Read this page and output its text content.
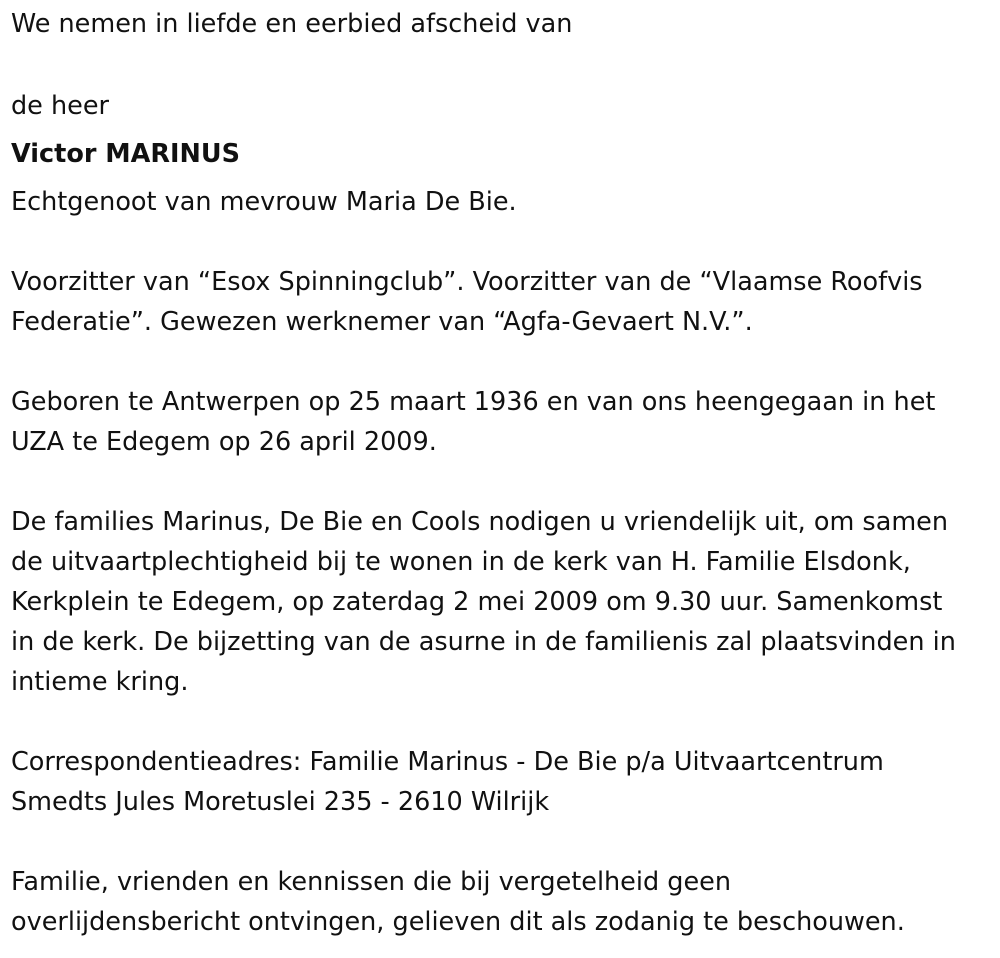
We nemen in liefde en eerbied afscheid van

de heer

Victor MARINUS

Echtgenoot van mevrouw Maria De Bie.

Voorzitter van “Esox Spinningclub”. Voorzitter van de “Vlaamse Roofvis
Federatie”. Gewezen werknemer van “Agfa-Gevaert N.V.”.

Geboren te Antwerpen op 25 maart 1936 en van ons heengegaan in het
UZA te Edegem op 26 april 2009.

De families Marinus, De Bie en Cools nodigen u vriendelijk uit, om samen
de uitvaartplechtigheid bij te wonen in de kerk van H. Familie Elsdonk,
Kerkplein te Edegem, op zaterdag 2 mei 2009 om 9.30 uur. Samenkomst
in de kerk. De bijzetting van de asurne in de familienis zal plaatsvinden in
intieme kring.

Correspondentieadres: Familie Marinus - De Bie p/a Uitvaartcentrum
Smedts Jules Moretuslei 235 - 2610 Wilrijk

Familie, vrienden en kennissen die bij vergetelheid geen
overlijdensbericht ontvingen, gelieven dit als zodanig te beschouwen.
